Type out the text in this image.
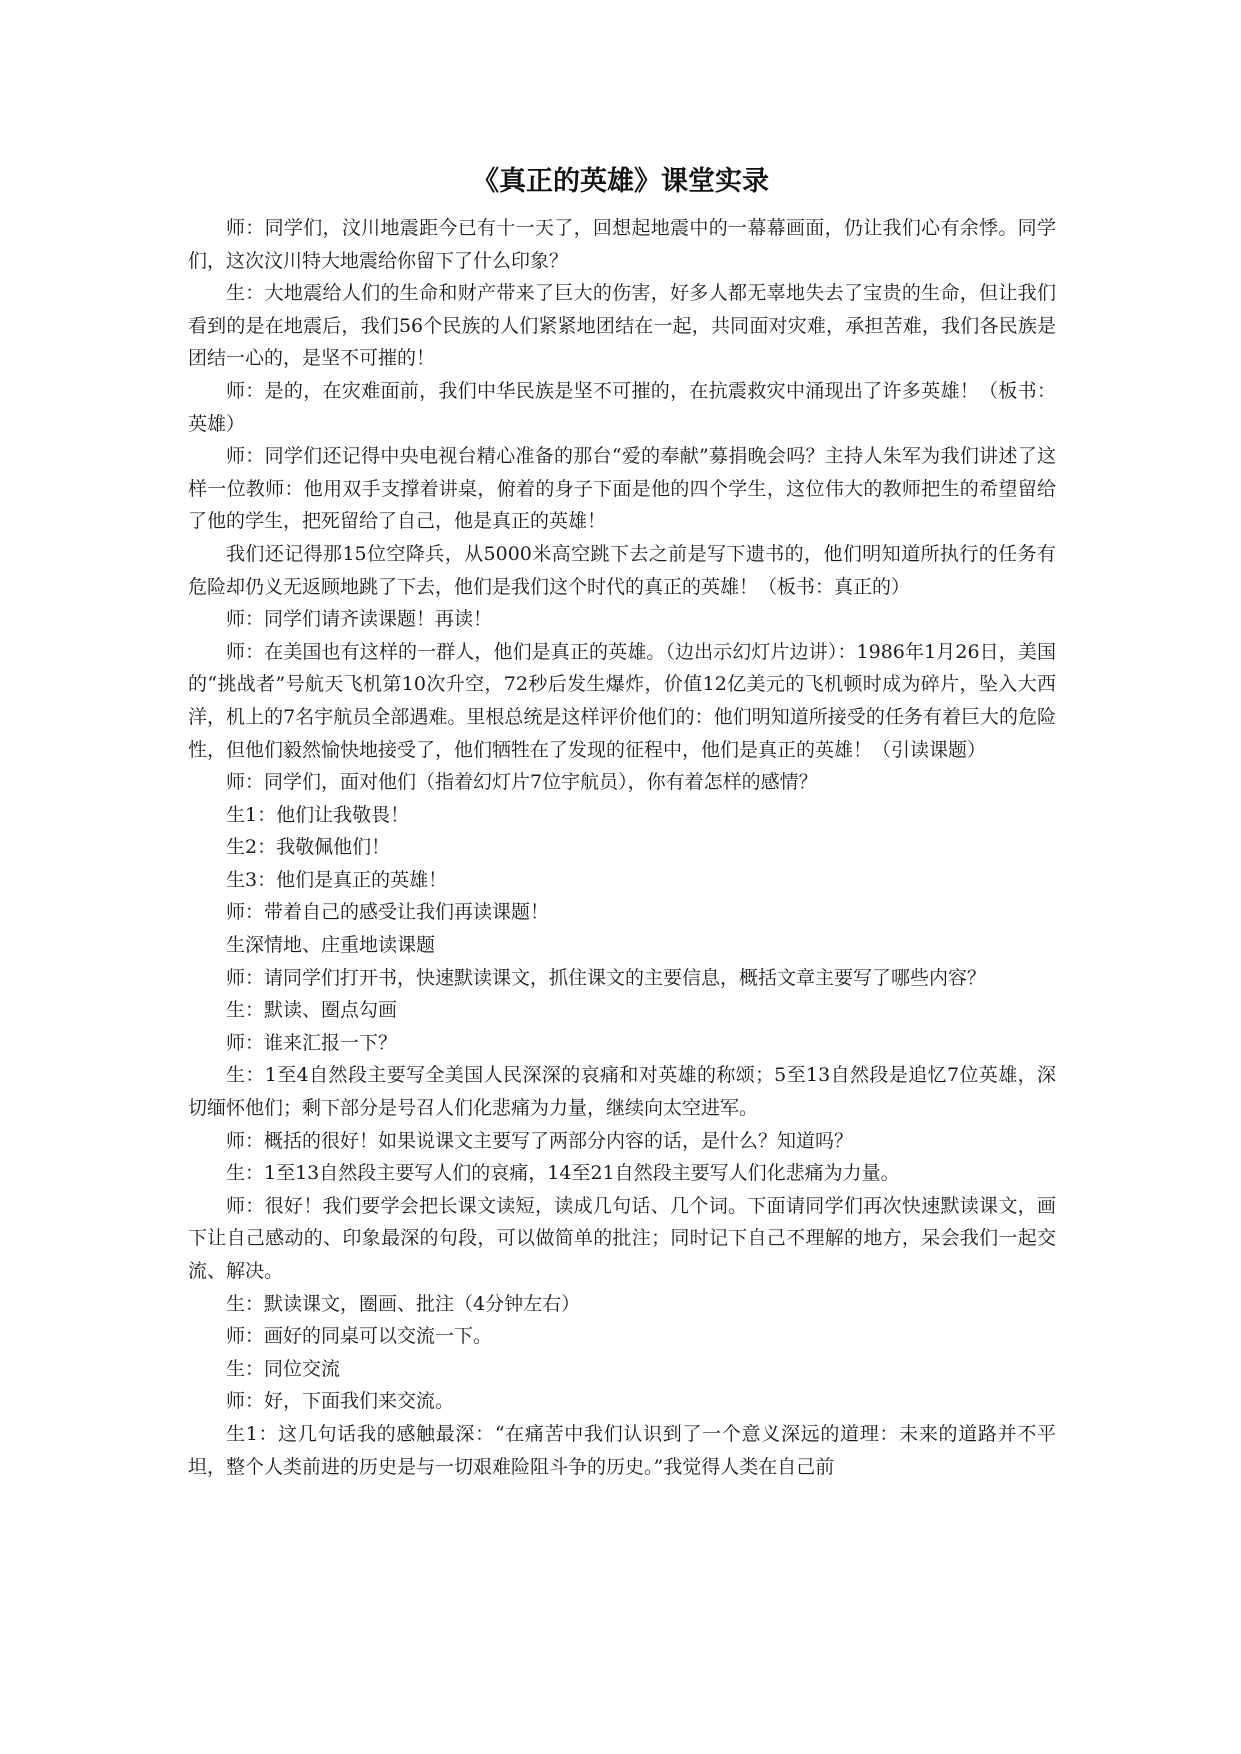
《真正的英雄》课堂实录

师：同学们，汶川地震距今已有十一天了，回想起地震中的一幕幕画面，仍让我们心有余悸。同学们，这次汶川特大地震给你留下了什么印象？

生：大地震给人们的生命和财产带来了巨大的伤害，好多人都无辜地失去了宝贵的生命，但让我们看到的是在地震后，我们56个民族的人们紧紧地团结在一起，共同面对灾难，承担苦难，我们各民族是团结一心的，是坚不可摧的！

师：是的，在灾难面前，我们中华民族是坚不可摧的，在抗震救灾中涌现出了许多英雄！（板书：英雄）

师：同学们还记得中央电视台精心准备的那台“爱的奉献”募捐晚会吗？主持人朱军为我们讲述了这样一位教师：他用双手支撑着讲桌，俯着的身子下面是他的四个学生，这位伟大的教师把生的希望留给了他的学生，把死留给了自己，他是真正的英雄！

我们还记得那15位空降兵，从5000米高空跳下去之前是写下遗书的，他们明知道所执行的任务有危险却仍义无返顾地跳了下去，他们是我们这个时代的真正的英雄！（板书：真正的）

师：同学们请齐读课题！再读！

师：在美国也有这样的一群人，他们是真正的英雄。（边出示幻灯片边讲）：1986年1月26日，美国的“挑战者”号航天飞机第10次升空，72秒后发生爆炸，价值12亿美元的飞机顿时成为碎片，坠入大西洋，机上的7名宇航员全部遇难。里根总统是这样评价他们的：他们明知道所接受的任务有着巨大的危险性，但他们毅然愉快地接受了，他们牺牲在了发现的征程中，他们是真正的英雄！（引读课题）

师：同学们，面对他们（指着幻灯片7位宇航员），你有着怎样的感情？

生1：他们让我敬畏！

生2：我敬佩他们！

生3：他们是真正的英雄！

师：带着自己的感受让我们再读课题！

生深情地、庄重地读课题

师：请同学们打开书，快速默读课文，抓住课文的主要信息，概括文章主要写了哪些内容？

生：默读、圈点勾画

师：谁来汇报一下？

生：1至4自然段主要写全美国人民深深的哀痛和对英雄的称颂；5至13自然段是追忆7位英雄，深切缅怀他们；剩下部分是号召人们化悲痛为力量，继续向太空进军。

师：概括的很好！如果说课文主要写了两部分内容的话，是什么？知道吗？

生：1至13自然段主要写人们的哀痛，14至21自然段主要写人们化悲痛为力量。

师：很好！我们要学会把长课文读短，读成几句话、几个词。下面请同学们再次快速默读课文，画下让自己感动的、印象最深的句段，可以做简单的批注；同时记下自己不理解的地方，呆会我们一起交流、解决。

生：默读课文，圈画、批注（4分钟左右）

师：画好的同桌可以交流一下。

生：同位交流

师：好，下面我们来交流。

生1：这几句话我的感触最深：“在痛苦中我们认识到了一个意义深远的道理：未来的道路并不平坦，整个人类前进的历史是与一切艰难险阻斗争的历史。”我觉得人类在自己前
